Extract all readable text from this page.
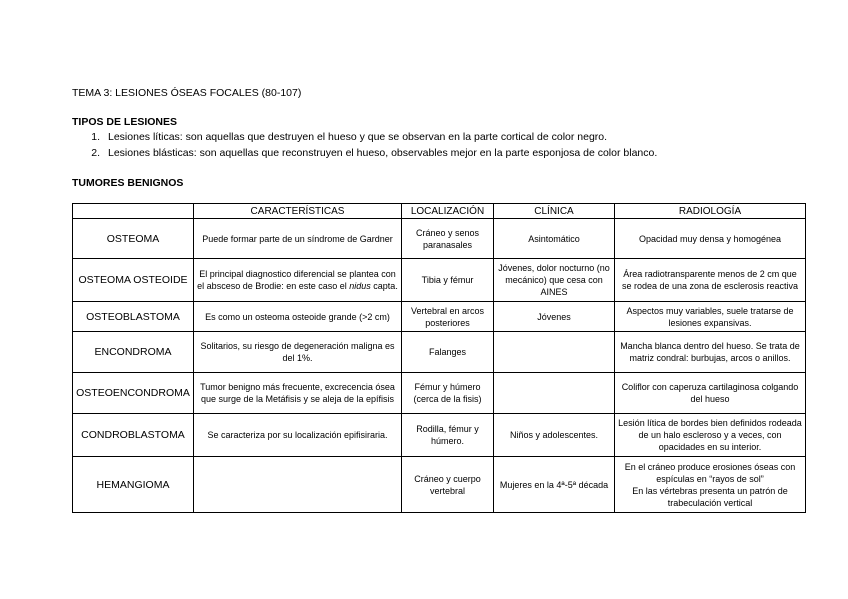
TEMA 3: LESIONES ÓSEAS FOCALES (80-107)
TIPOS DE LESIONES
1. Lesiones líticas: son aquellas que destruyen el hueso y que se observan en la parte cortical de color negro.
2. Lesiones blásticas: son aquellas que reconstruyen el hueso, observables mejor en la parte esponjosa de color blanco.
TUMORES BENIGNOS
	CARACTERÍSTICAS	LOCALIZACIÓN	CLÍNICA	RADIOLOGÍA
OSTEOMA	Puede formar parte de un síndrome de Gardner	Cráneo y senos paranasales	Asintomático	Opacidad muy densa y homogénea
OSTEOMA OSTEOIDE	El principal diagnostico diferencial se plantea con el absceso de Brodie: en este caso el nidus capta.	Tibia y fémur	Jóvenes, dolor nocturno (no mecánico) que cesa con AINES	Área radiotransparente menos de 2 cm que se rodea de una zona de esclerosis reactiva
OSTEOBLASTOMA	Es como un osteoma osteoide grande (>2 cm)	Vertebral en arcos posteriores	Jóvenes	Aspectos muy variables, suele tratarse de lesiones expansivas.
ENCONDROMA	Solitarios, su riesgo de degeneración maligna es del 1%.	Falanges		Mancha blanca dentro del hueso. Se trata de matriz condral: burbujas, arcos o anillos.
OSTEOENCONDROMA	Tumor benigno más frecuente, excrecencia ósea que surge de la Metáfisis y se aleja de la epífisis	Fémur y húmero (cerca de la fisis)		Coliflor con caperuza cartilaginosa colgando del hueso
CONDROBLASTOMA	Se caracteriza por su localización epifisiraria.	Rodilla, fémur y húmero.	Niños y adolescentes.	Lesión lítica de bordes bien definidos rodeada de un halo escleroso y a veces, con opacidades en su interior.
HEMANGIOMA		Cráneo y cuerpo vertebral	Mujeres en la 4ª-5ª década	En el cráneo produce erosiones óseas con espículas en “rayos de sol”
En las vértebras presenta un patrón de trabeculación vertical
